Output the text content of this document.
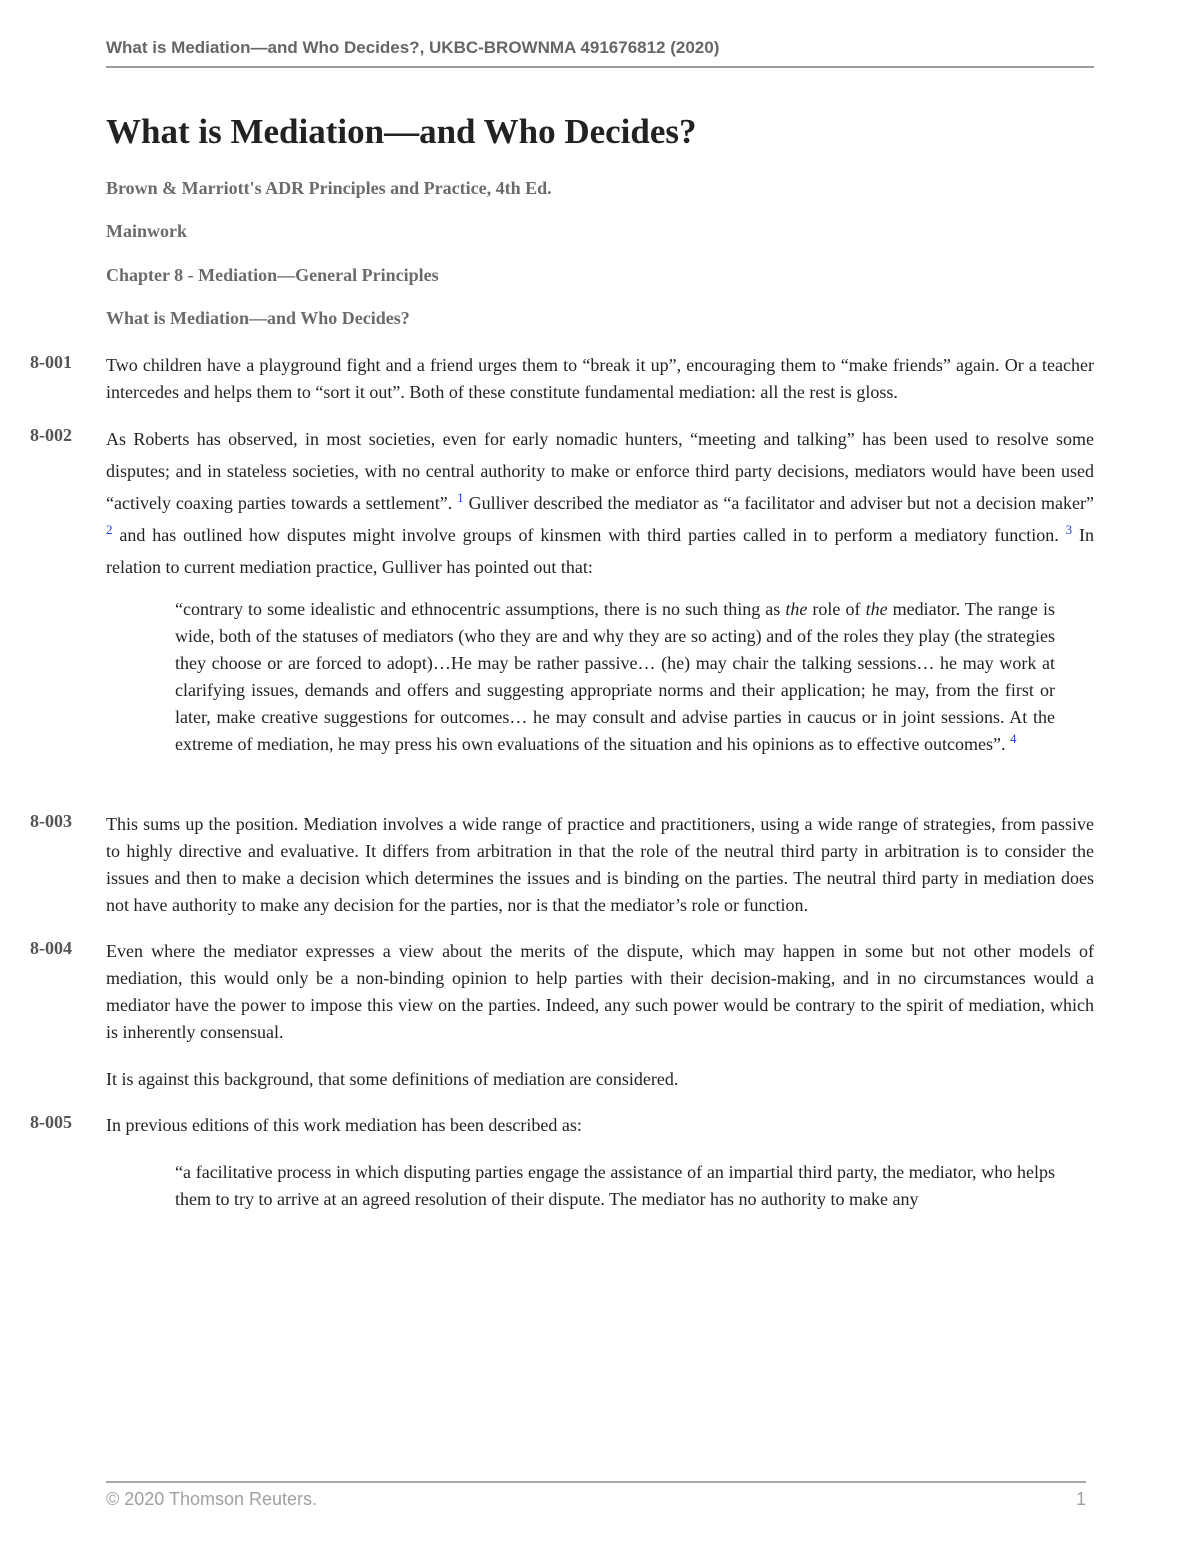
What is Mediation—and Who Decides?, UKBC-BROWNMA 491676812 (2020)
What is Mediation—and Who Decides?

Brown & Marriott's ADR Principles and Practice, 4th Ed.

Mainwork

Chapter 8 - Mediation—General Principles

What is Mediation—and Who Decides?

8-001 Two children have a playground fight and a friend urges them to “break it up”, encouraging them to “make friends” again. Or a teacher intercedes and helps them to “sort it out”. Both of these constitute fundamental mediation: all the rest is gloss.

8-002 As Roberts has observed, in most societies, even for early nomadic hunters, “meeting and talking” has been used to resolve some disputes; and in stateless societies, with no central authority to make or enforce third party decisions, mediators would have been used “actively coaxing parties towards a settlement”. $^1$ Gulliver described the mediator as “a facilitator and adviser but not a decision maker” $^2$ and has outlined how disputes might involve groups of kinsmen with third parties called in to perform a mediatory function. $^3$ In relation to current mediation practice, Gulliver has pointed out that:

“contrary to some idealistic and ethnocentric assumptions, there is no such thing as the role of the mediator. The range is wide, both of the statuses of mediators (who they are and why they are so acting) and of the roles they play (the strategies they choose or are forced to adopt)…He may be rather passive… (he) may chair the talking sessions… he may work at clarifying issues, demands and offers and suggesting appropriate norms and their application; he may, from the first or later, make creative suggestions for outcomes… he may consult and advise parties in caucus or in joint sessions. At the extreme of mediation, he may press his own evaluations of the situation and his opinions as to effective outcomes”. $^4$

8-003 This sums up the position. Mediation involves a wide range of practice and practitioners, using a wide range of strategies, from passive to highly directive and evaluative. It differs from arbitration in that the role of the neutral third party in arbitration is to consider the issues and then to make a decision which determines the issues and is binding on the parties. The neutral third party in mediation does not have authority to make any decision for the parties, nor is that the mediator’s role or function.

8-004 Even where the mediator expresses a view about the merits of the dispute, which may happen in some but not other models of mediation, this would only be a non-binding opinion to help parties with their decision-making, and in no circumstances would a mediator have the power to impose this view on the parties. Indeed, any such power would be contrary to the spirit of mediation, which is inherently consensual.

It is against this background, that some definitions of mediation are considered.

8-005 In previous editions of this work mediation has been described as:

“a facilitative process in which disputing parties engage the assistance of an impartial third party, the mediator, who helps them to try to arrive at an agreed resolution of their dispute. The mediator has no authority to make any

© 2020 Thomson Reuters.	1
